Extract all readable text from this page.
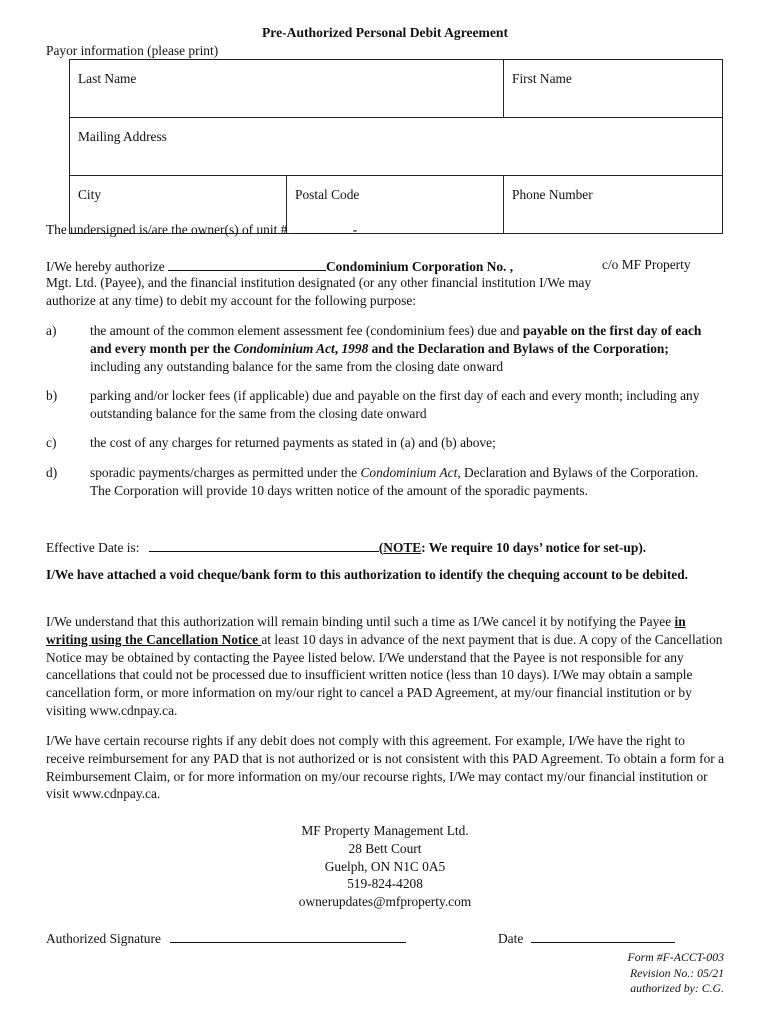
Pre-Authorized Personal Debit Agreement
Payor information (please print)
Last Name		First Name
Mailing Address		
City	Postal Code	Phone Number
The undersigned is/are the owner(s) of unit #	-
I/We hereby authorize	Condominium Corporation No. ,	c/o MF Property
Mgt. Ltd. (Payee), and the financial institution designated (or any other financial institution I/We may
authorize at any time) to debit my account for the following purpose:
a)	the amount of the common element assessment fee (condominium fees) due and payable on the first day of each and every month per the Condominium Act, 1998 and the Declaration and Bylaws of the Corporation; including any outstanding balance for the same from the closing date onward
b)	parking and/or locker fees (if applicable) due and payable on the first day of each and every month; including any outstanding balance for the same from the closing date onward
c)	the cost of any charges for returned payments as stated in (a) and (b) above;
d)	sporadic payments/charges as permitted under the Condominium Act, Declaration and Bylaws of the Corporation. The Corporation will provide 10 days written notice of the amount of the sporadic payments.
Effective Date is:	(NOTE: We require 10 days’ notice for set-up).
I/We have attached a void cheque/bank form to this authorization to identify the chequing account to be debited.
I/We understand that this authorization will remain binding until such a time as I/We cancel it by notifying the Payee in writing using the Cancellation Notice at least 10 days in advance of the next payment that is due. A copy of the Cancellation Notice may be obtained by contacting the Payee listed below. I/We understand that the Payee is not responsible for any cancellations that could not be processed due to insufficient written notice (less than 10 days). I/We may obtain a sample cancellation form, or more information on my/our right to cancel a PAD Agreement, at my/our financial institution or by visiting www.cdnpay.ca.
I/We have certain recourse rights if any debit does not comply with this agreement. For example, I/We have the right to receive reimbursement for any PAD that is not authorized or is not consistent with this PAD Agreement. To obtain a form for a Reimbursement Claim, or for more information on my/our recourse rights, I/We may contact my/our financial institution or visit www.cdnpay.ca.
MF Property Management Ltd.
28 Bett Court
Guelph, ON N1C 0A5
519-824-4208
ownerupdates@mfproperty.com
Authorized Signature	Date
Form #F-ACCT-003
Revision No.: 05/21
authorized by: C.G.
